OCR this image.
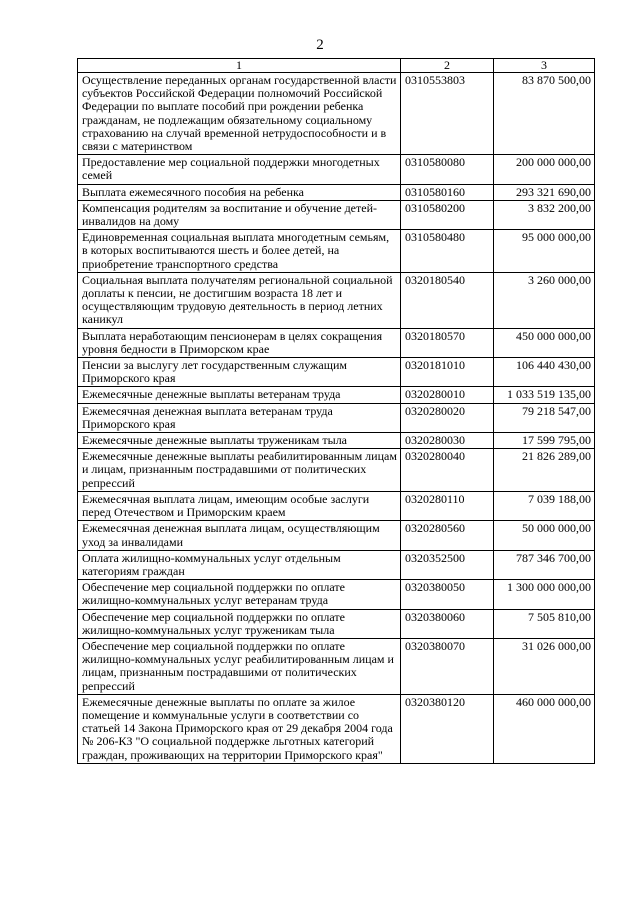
2
1	2	3
Осуществление переданных органам государственной власти субъектов Российской Федерации полномочий Российской Федерации по выплате пособий при рождении ребенка гражданам, не подлежащим обязательному социальному страхованию на случай временной нетрудоспособности и в связи с материнством	0310553803	83 870 500,00
Предоставление мер социальной поддержки многодетных семей	0310580080	200 000 000,00
Выплата ежемесячного пособия на ребенка	0310580160	293 321 690,00
Компенсация родителям за воспитание и обучение детей-инвалидов на дому	0310580200	3 832 200,00
Единовременная социальная выплата многодетным семьям, в которых воспитываются шесть и более детей, на приобретение транспортного средства	0310580480	95 000 000,00
Социальная выплата получателям региональной социальной доплаты к пенсии, не достигшим возраста 18 лет и осуществляющим трудовую деятельность в период летних каникул	0320180540	3 260 000,00
Выплата неработающим пенсионерам в целях сокращения уровня бедности в Приморском крае	0320180570	450 000 000,00
Пенсии за выслугу лет государственным служащим Приморского края	0320181010	106 440 430,00
Ежемесячные денежные выплаты ветеранам труда	0320280010	1 033 519 135,00
Ежемесячная денежная выплата ветеранам труда Приморского края	0320280020	79 218 547,00
Ежемесячные денежные выплаты труженикам тыла	0320280030	17 599 795,00
Ежемесячные денежные выплаты реабилитированным лицам и лицам, признанным пострадавшими от политических репрессий	0320280040	21 826 289,00
Ежемесячная выплата лицам, имеющим особые заслуги перед Отечеством и Приморским краем	0320280110	7 039 188,00
Ежемесячная денежная выплата лицам, осуществляющим уход за инвалидами	0320280560	50 000 000,00
Оплата жилищно-коммунальных услуг отдельным категориям граждан	0320352500	787 346 700,00
Обеспечение мер социальной поддержки по оплате жилищно-коммунальных услуг ветеранам труда	0320380050	1 300 000 000,00
Обеспечение мер социальной поддержки по оплате жилищно-коммунальных услуг труженикам тыла	0320380060	7 505 810,00
Обеспечение мер социальной поддержки по оплате жилищно-коммунальных услуг реабилитированным лицам и лицам, признанным пострадавшими от политических репрессий	0320380070	31 026 000,00
Ежемесячные денежные выплаты по оплате за жилое помещение и коммунальные услуги в соответствии со статьей 14 Закона Приморского края от 29 декабря 2004 года № 206-КЗ "О социальной поддержке льготных категорий граждан, проживающих на территории Приморского края"	0320380120	460 000 000,00
